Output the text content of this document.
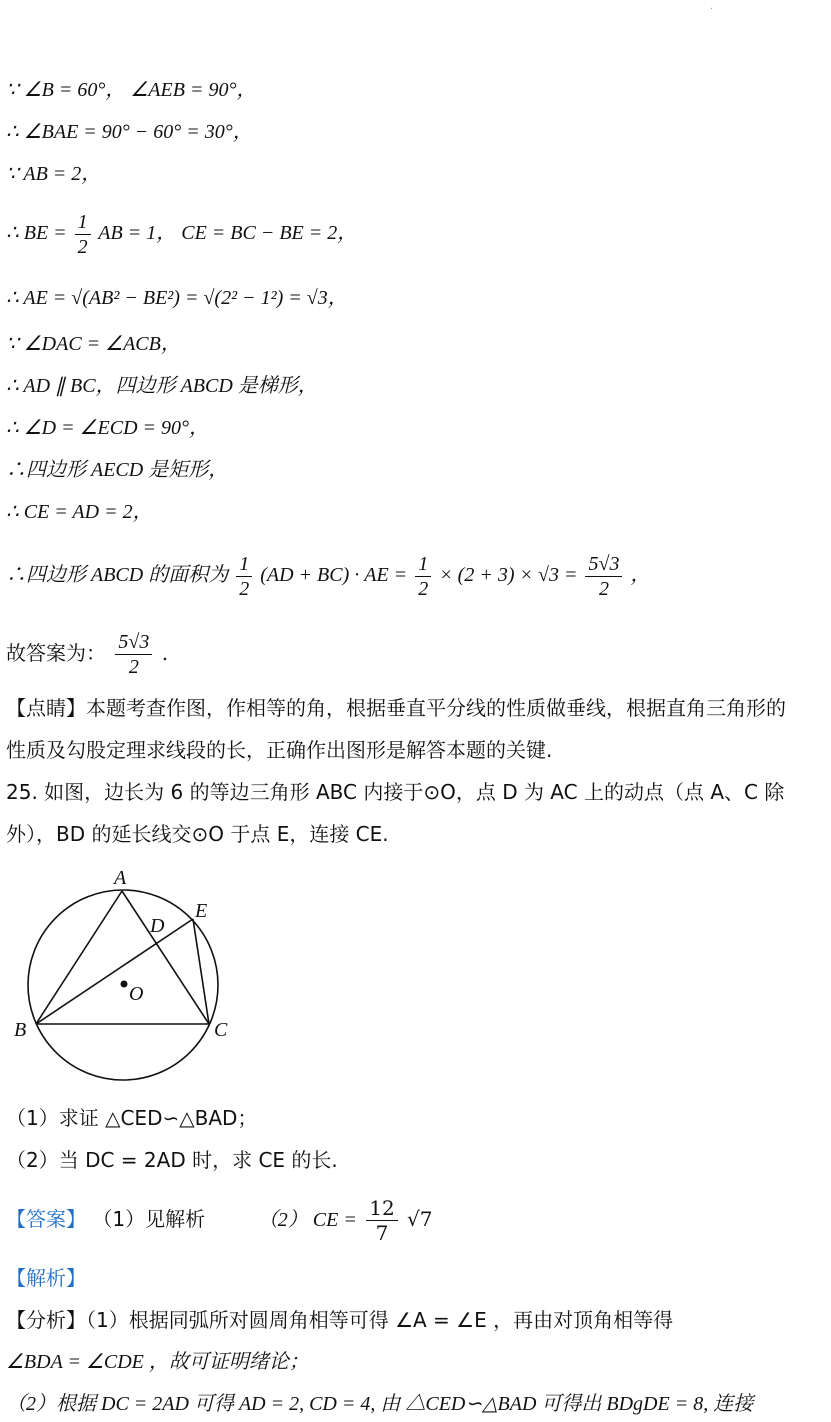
·
∵ ∠B = 60°， ∠AEB = 90°，
∴ ∠BAE = 90° − 60° = 30°，
∵ AB = 2，
∴ BE = $\frac{1}{2}$ AB = 1， CE = BC − BE = 2，
∴ AE = √(AB² − BE²) = √(2² − 1²) = √3，
∵ ∠DAC = ∠ACB，
∴ AD ∥ BC，四边形 ABCD 是梯形，
∴ ∠D = ∠ECD = 90°，
∴四边形 AECD 是矩形，
∴ CE = AD = 2，
∴四边形 ABCD 的面积为 $\frac{1}{2} (AD + BC)$ · AE = $\frac{1}{2} \times (2 + 3) \times √3 = \frac{5√3}{2}$ ，
故答案为： $\frac{5√3}{2}$ .
【点睛】本题考查作图，作相等的角，根据垂直平分线的性质做垂线，根据直角三角形的
性质及勾股定理求线段的长，正确作出图形是解答本题的关键.
25. 如图，边长为 6 的等边三角形 ABC 内接于⊙O，点 D 为 AC 上的动点（点 A、C 除
外），BD 的延长线交⊙O 于点 E，连接 CE.
A
B	C
D
E
O
（1）求证 △CED∽△BAD；
（2）当 DC = 2AD 时，求 CE 的长.
【答案】 （1）见解析	（2） CE = $\frac{12}{7} √7$
【解析】
【分析】（1）根据同弧所对圆周角相等可得 ∠A = ∠E ，再由对顶角相等得
∠BDA = ∠CDE ，故可证明绪论；
（2）根据 DC = 2AD 可得 AD = 2, CD = 4, 由 △CED∽△BAD 可得出 BDgDE = 8, 连接
